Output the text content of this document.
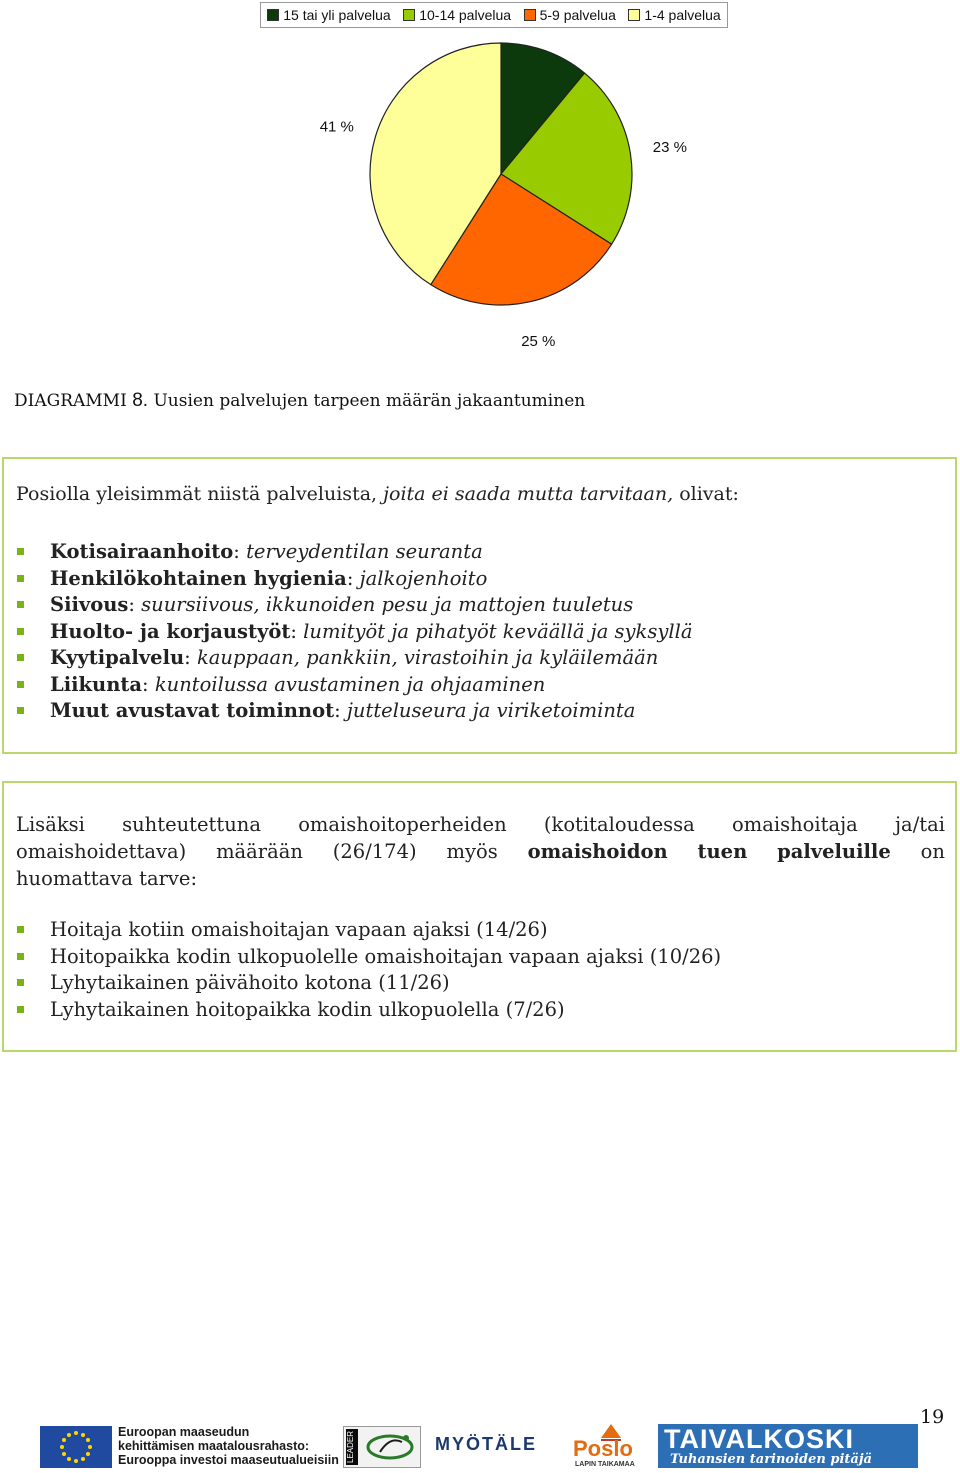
15 tai yli palvelua 10-14 palvelua 5-9 palvelua 1-4 palvelua
23 %
25 %
41 %
DIAGRAMMI 8. Uusien palvelujen tarpeen määrän jakaantuminen
Posiolla yleisimmät niistä palveluista, joita ei saada mutta tarvitaan, olivat:
Kotisairaanhoito: terveydentilan seuranta
Henkilökohtainen hygienia: jalkojenhoito
Siivous: suursiivous, ikkunoiden pesu ja mattojen tuuletus
Huolto- ja korjaustyöt: lumityöt ja pihatyöt keväällä ja syksyllä
Kyytipalvelu: kauppaan, pankkiin, virastoihin ja kyläilemään
Liikunta: kuntoilussa avustaminen ja ohjaaminen
Muut avustavat toiminnot: jutteluseura ja viriketoiminta
Lisäksi suhteutettuna omaishoitoperheiden (kotitaloudessa omaishoitaja ja/tai
omaishoidettava) määrään (26/174) myös omaishoidon tuen palveluille on
huomattava tarve:
Hoitaja kotiin omaishoitajan vapaan ajaksi (14/26)
Hoitopaikka kodin ulkopuolelle omaishoitajan vapaan ajaksi (10/26)
Lyhytaikainen päivähoito kotona (11/26)
Lyhytaikainen hoitopaikka kodin ulkopuolella (7/26)
19
Euroopan maaseudun
kehittämisen maatalousrahasto:
Eurooppa investoi maaseutualueisiin LEADER	MYÖTÄLE Poslo
LAPIN TAIKAMAA
TAIVALKOSKI
Tuhansien tarinoiden pitäjä
